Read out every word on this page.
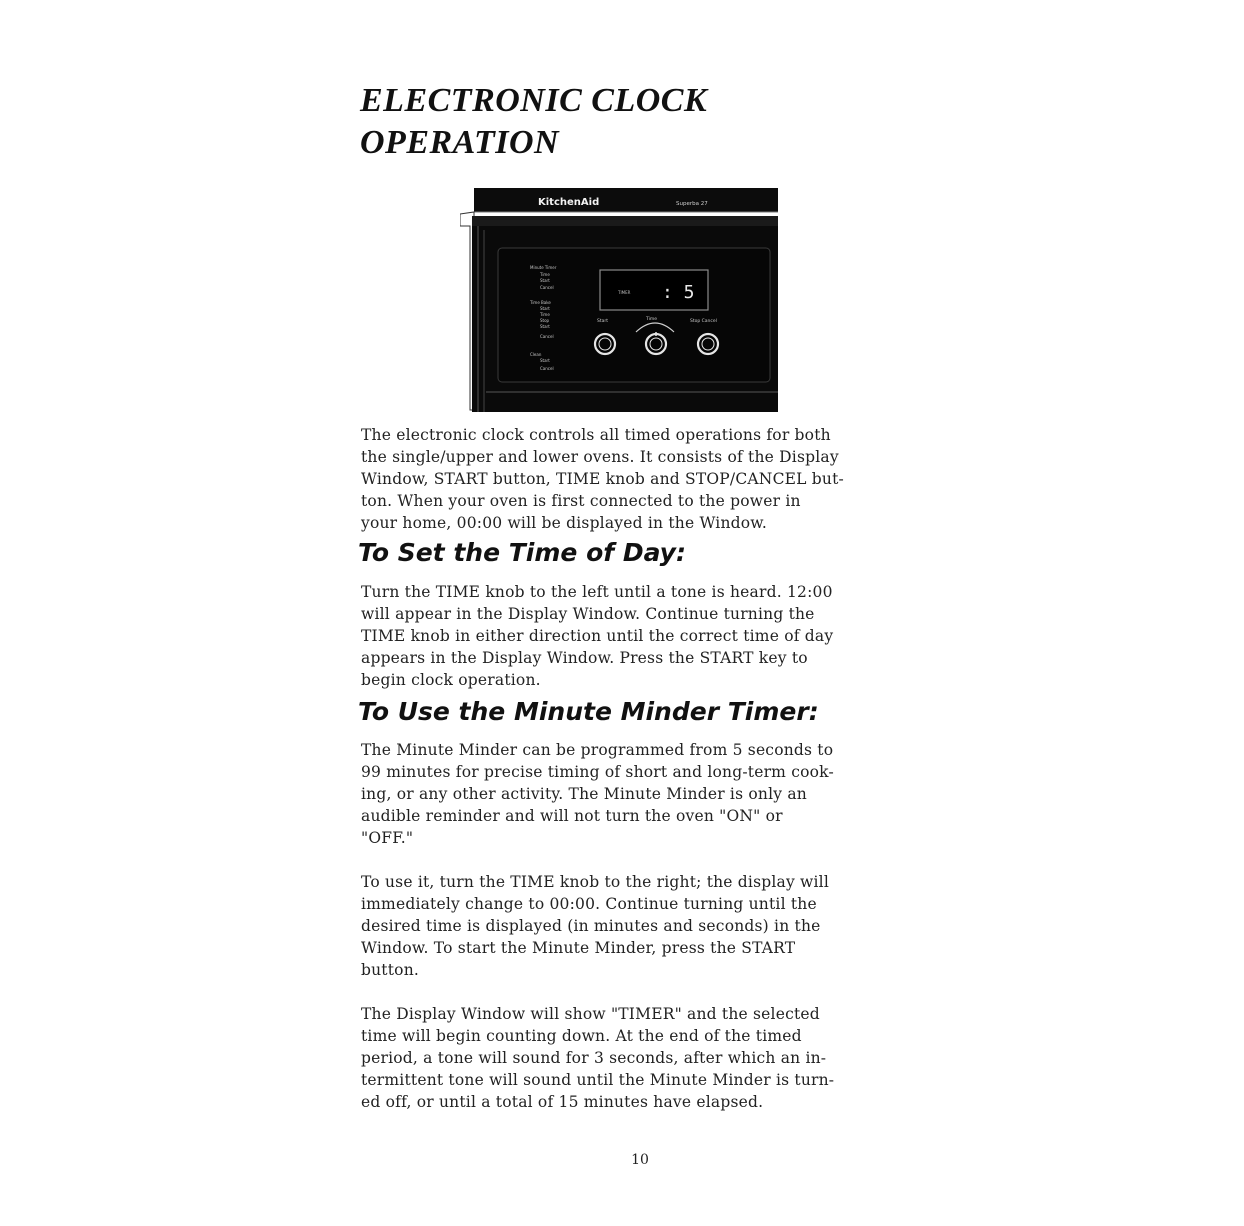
ELECTRONIC CLOCK
OPERATION
KitchenAid	Superba 27
Minute Timer
Time
Start
Cancel
Time Bake
Start
Time
Stop
Start
Cancel
Clean
Start
Cancel
TIMER : 5
Start	Time	Stop Cancel

The electronic clock controls all timed operations for both
the single/upper and lower ovens. It consists of the Display
Window, START button, TIME knob and STOP/CANCEL but-
ton. When your oven is first connected to the power in
your home, 00:00 will be displayed in the Window.

To Set the Time of Day:

Turn the TIME knob to the left until a tone is heard. 12:00
will appear in the Display Window. Continue turning the
TIME knob in either direction until the correct time of day
appears in the Display Window. Press the START key to
begin clock operation.

To Use the Minute Minder Timer:

The Minute Minder can be programmed from 5 seconds to
99 minutes for precise timing of short and long-term cook-
ing, or any other activity. The Minute Minder is only an
audible reminder and will not turn the oven "ON" or
"OFF."

To use it, turn the TIME knob to the right; the display will
immediately change to 00:00. Continue turning until the
desired time is displayed (in minutes and seconds) in the
Window. To start the Minute Minder, press the START
button.

The Display Window will show "TIMER" and the selected
time will begin counting down. At the end of the timed
period, a tone will sound for 3 seconds, after which an in-
termittent tone will sound until the Minute Minder is turn-
ed off, or until a total of 15 minutes have elapsed.

10
